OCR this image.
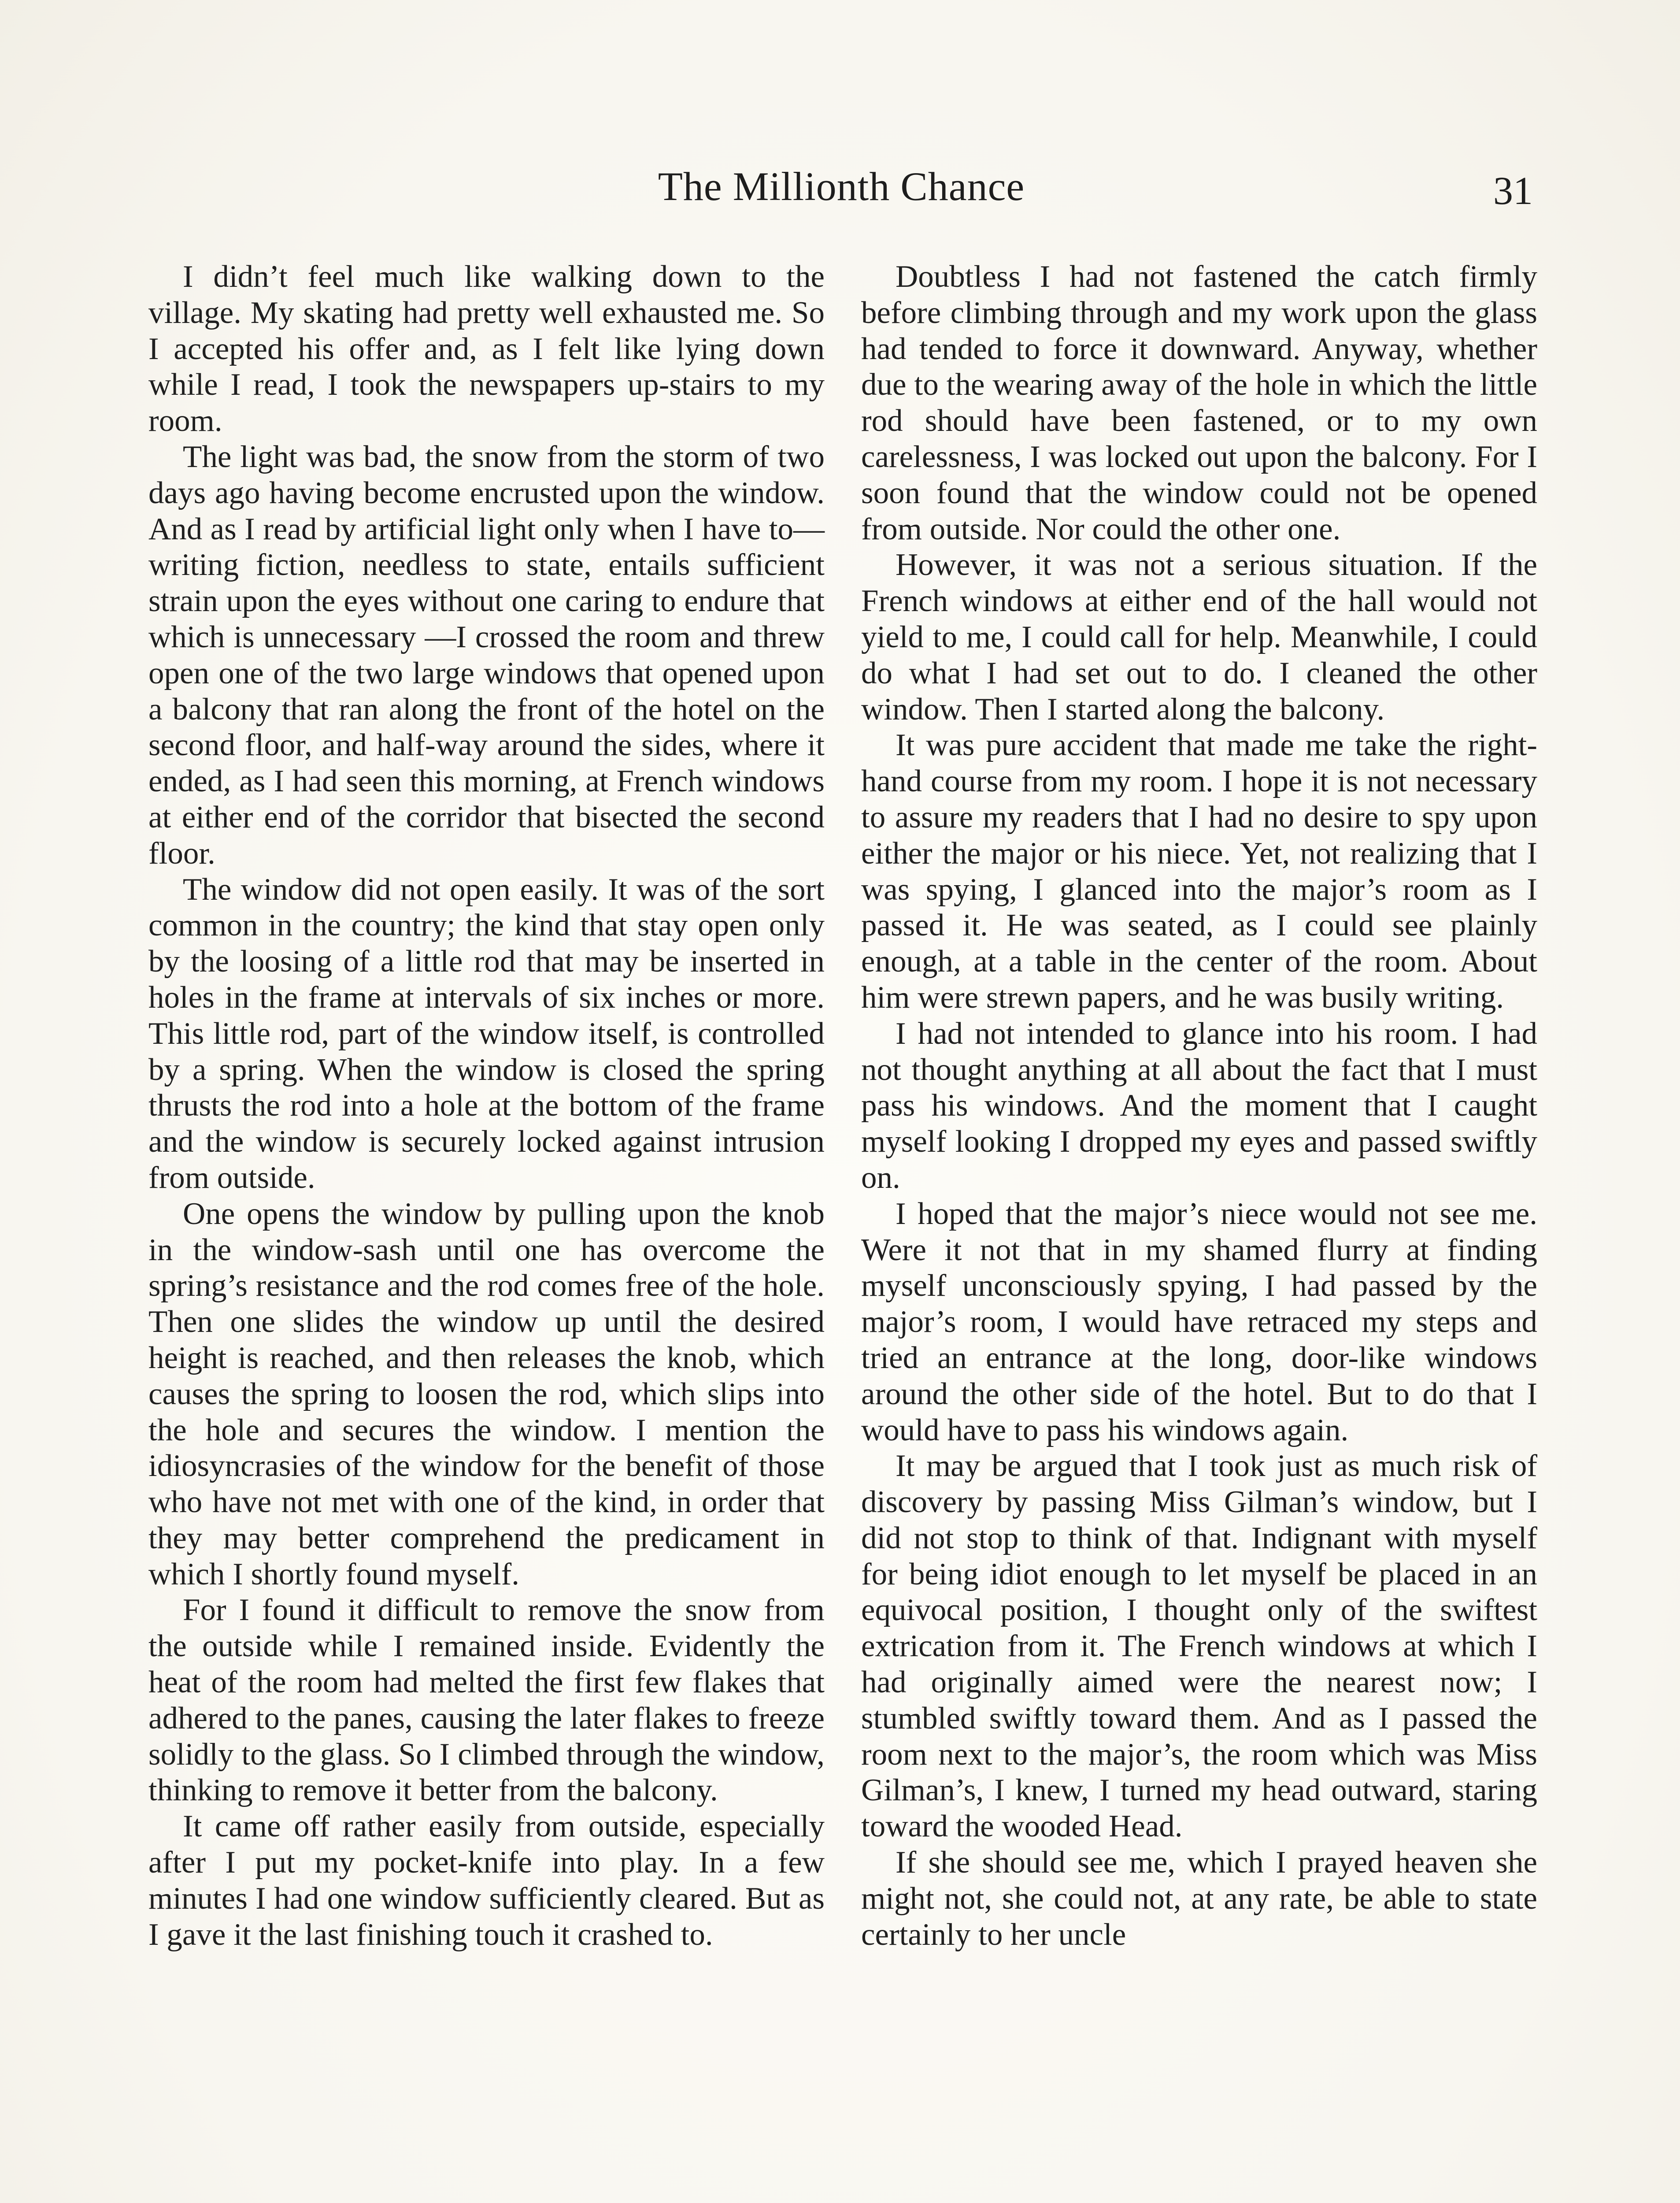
The Millionth Chance	31

I didn’t feel much like walking down to the village. My skating had pretty well exhausted me. So I accepted his offer and, as I felt like lying down while I read, I took the newspapers up-stairs to my room.

The light was bad, the snow from the storm of two days ago having become encrusted upon the window. And as I read by artificial light only when I have to—writing fiction, needless to state, entails sufficient strain upon the eyes without one caring to endure that which is unnecessary —I crossed the room and threw open one of the two large windows that opened upon a balcony that ran along the front of the hotel on the second floor, and half-way around the sides, where it ended, as I had seen this morning, at French windows at either end of the corridor that bisected the second floor.

The window did not open easily. It was of the sort common in the country; the kind that stay open only by the loosing of a little rod that may be inserted in holes in the frame at intervals of six inches or more. This little rod, part of the window itself, is controlled by a spring. When the window is closed the spring thrusts the rod into a hole at the bottom of the frame and the window is securely locked against intrusion from outside.

One opens the window by pulling upon the knob in the window-sash until one has overcome the spring’s resistance and the rod comes free of the hole. Then one slides the window up until the desired height is reached, and then releases the knob, which causes the spring to loosen the rod, which slips into the hole and secures the window. I mention the idiosyncrasies of the window for the benefit of those who have not met with one of the kind, in order that they may better comprehend the predicament in which I shortly found myself.

For I found it difficult to remove the snow from the outside while I remained inside. Evidently the heat of the room had melted the first few flakes that adhered to the panes, causing the later flakes to freeze solidly to the glass. So I climbed through the window, thinking to remove it better from the balcony.

It came off rather easily from outside, especially after I put my pocket-knife into play. In a few minutes I had one window sufficiently cleared. But as I gave it the last finishing touch it crashed to.

Doubtless I had not fastened the catch firmly before climbing through and my work upon the glass had tended to force it downward. Anyway, whether due to the wearing away of the hole in which the little rod should have been fastened, or to my own carelessness, I was locked out upon the balcony. For I soon found that the window could not be opened from outside. Nor could the other one.

However, it was not a serious situation. If the French windows at either end of the hall would not yield to me, I could call for help. Meanwhile, I could do what I had set out to do. I cleaned the other window. Then I started along the balcony.

It was pure accident that made me take the right-hand course from my room. I hope it is not necessary to assure my readers that I had no desire to spy upon either the major or his niece. Yet, not realizing that I was spying, I glanced into the major’s room as I passed it. He was seated, as I could see plainly enough, at a table in the center of the room. About him were strewn papers, and he was busily writing.

I had not intended to glance into his room. I had not thought anything at all about the fact that I must pass his windows. And the moment that I caught myself looking I dropped my eyes and passed swiftly on.

I hoped that the major’s niece would not see me. Were it not that in my shamed flurry at finding myself unconsciously spying, I had passed by the major’s room, I would have retraced my steps and tried an entrance at the long, door-like windows around the other side of the hotel. But to do that I would have to pass his windows again.

It may be argued that I took just as much risk of discovery by passing Miss Gilman’s window, but I did not stop to think of that. Indignant with myself for being idiot enough to let myself be placed in an equivocal position, I thought only of the swiftest extrication from it. The French windows at which I had originally aimed were the nearest now; I stumbled swiftly toward them. And as I passed the room next to the major’s, the room which was Miss Gilman’s, I knew, I turned my head outward, staring toward the wooded Head.

If she should see me, which I prayed heaven she might not, she could not, at any rate, be able to state certainly to her uncle
